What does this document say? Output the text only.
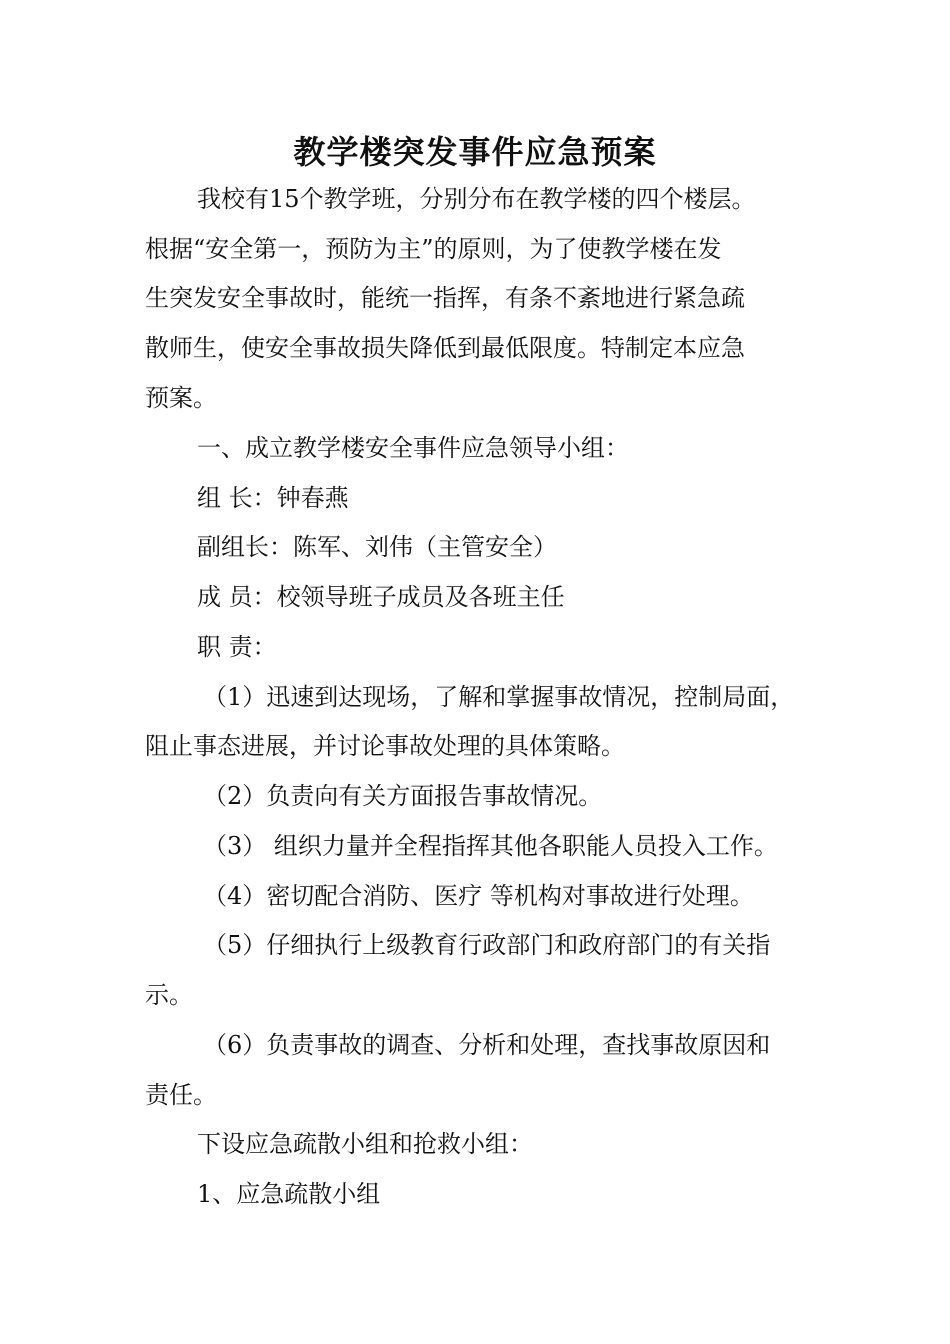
教学楼突发事件应急预案
我校有15个教学班，分别分布在教学楼的四个楼层。
根据“安全第一，预防为主”的原则，为了使教学楼在发
生突发安全事故时，能统一指挥，有条不紊地进行紧急疏
散师生，使安全事故损失降低到最低限度。特制定本应急
预案。
一、成立教学楼安全事件应急领导小组：
组 长：钟春燕
副组长：陈军、刘伟（主管安全）
成 员：校领导班子成员及各班主任
职 责：
（1）迅速到达现场，了解和掌握事故情况，控制局面，
阻止事态进展，并讨论事故处理的具体策略。
（2）负责向有关方面报告事故情况。
（3） 组织力量并全程指挥其他各职能人员投入工作。
（4）密切配合消防、医疗 等机构对事故进行处理。
（5）仔细执行上级教育行政部门和政府部门的有关指
示。
（6）负责事故的调查、分析和处理，查找事故原因和
责任。
下设应急疏散小组和抢救小组：
1、应急疏散小组
